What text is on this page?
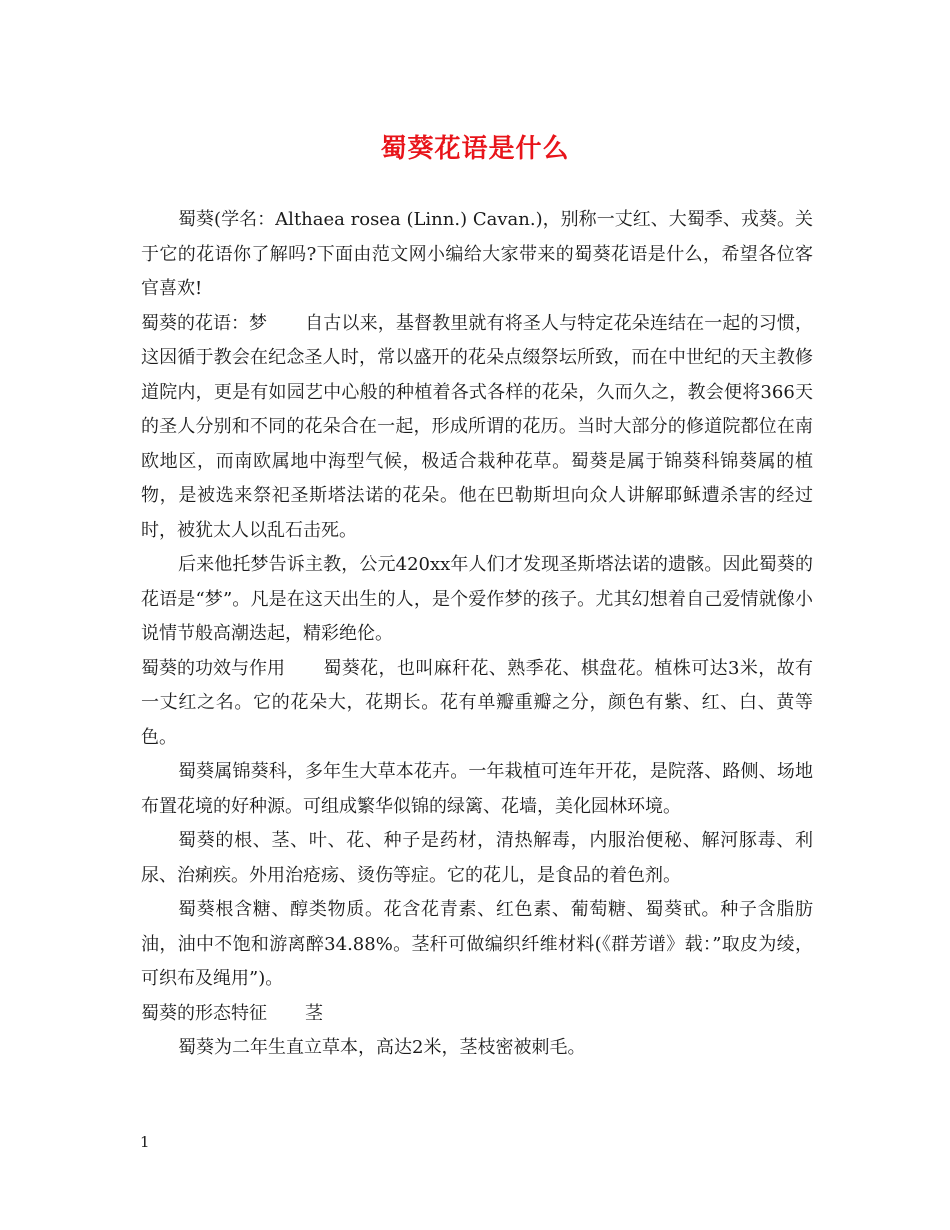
蜀葵花语是什么

蜀葵(学名：Althaea rosea (Linn.) Cavan.)，别称一丈红、大蜀季、戎葵。关于它的花语你了解吗?下面由范文网小编给大家带来的蜀葵花语是什么，希望各位客官喜欢!

蜀葵的花语：梦 自古以来，基督教里就有将圣人与特定花朵连结在一起的习惯，这因循于教会在纪念圣人时，常以盛开的花朵点缀祭坛所致，而在中世纪的天主教修道院内，更是有如园艺中心般的种植着各式各样的花朵，久而久之，教会便将366天的圣人分别和不同的花朵合在一起，形成所谓的花历。当时大部分的修道院都位在南欧地区，而南欧属地中海型气候，极适合栽种花草。蜀葵是属于锦葵科锦葵属的植物，是被选来祭祀圣斯塔法诺的花朵。他在巴勒斯坦向众人讲解耶稣遭杀害的经过时，被犹太人以乱石击死。

后来他托梦告诉主教，公元420xx年人们才发现圣斯塔法诺的遗骸。因此蜀葵的花语是“梦”。凡是在这天出生的人，是个爱作梦的孩子。尤其幻想着自己爱情就像小说情节般高潮迭起，精彩绝伦。

蜀葵的功效与作用 蜀葵花，也叫麻秆花、熟季花、棋盘花。植株可达3米，故有一丈红之名。它的花朵大，花期长。花有单瓣重瓣之分，颜色有紫、红、白、黄等色。

蜀葵属锦葵科，多年生大草本花卉。一年栽植可连年开花，是院落、路侧、场地布置花境的好种源。可组成繁华似锦的绿篱、花墙，美化园林环境。

蜀葵的根、茎、叶、花、种子是药材，清热解毒，内服治便秘、解河豚毒、利尿、治痢疾。外用治疮疡、烫伤等症。它的花儿，是食品的着色剂。

蜀葵根含糖、醇类物质。花含花青素、红色素、葡萄糖、蜀葵甙。种子含脂肪油，油中不饱和游离醉34.88%。茎秆可做编织纤维材料(《群芳谱》载：”取皮为绫，可织布及绳用”)。

蜀葵的形态特征 茎

蜀葵为二年生直立草本，高达2米，茎枝密被刺毛。

1
